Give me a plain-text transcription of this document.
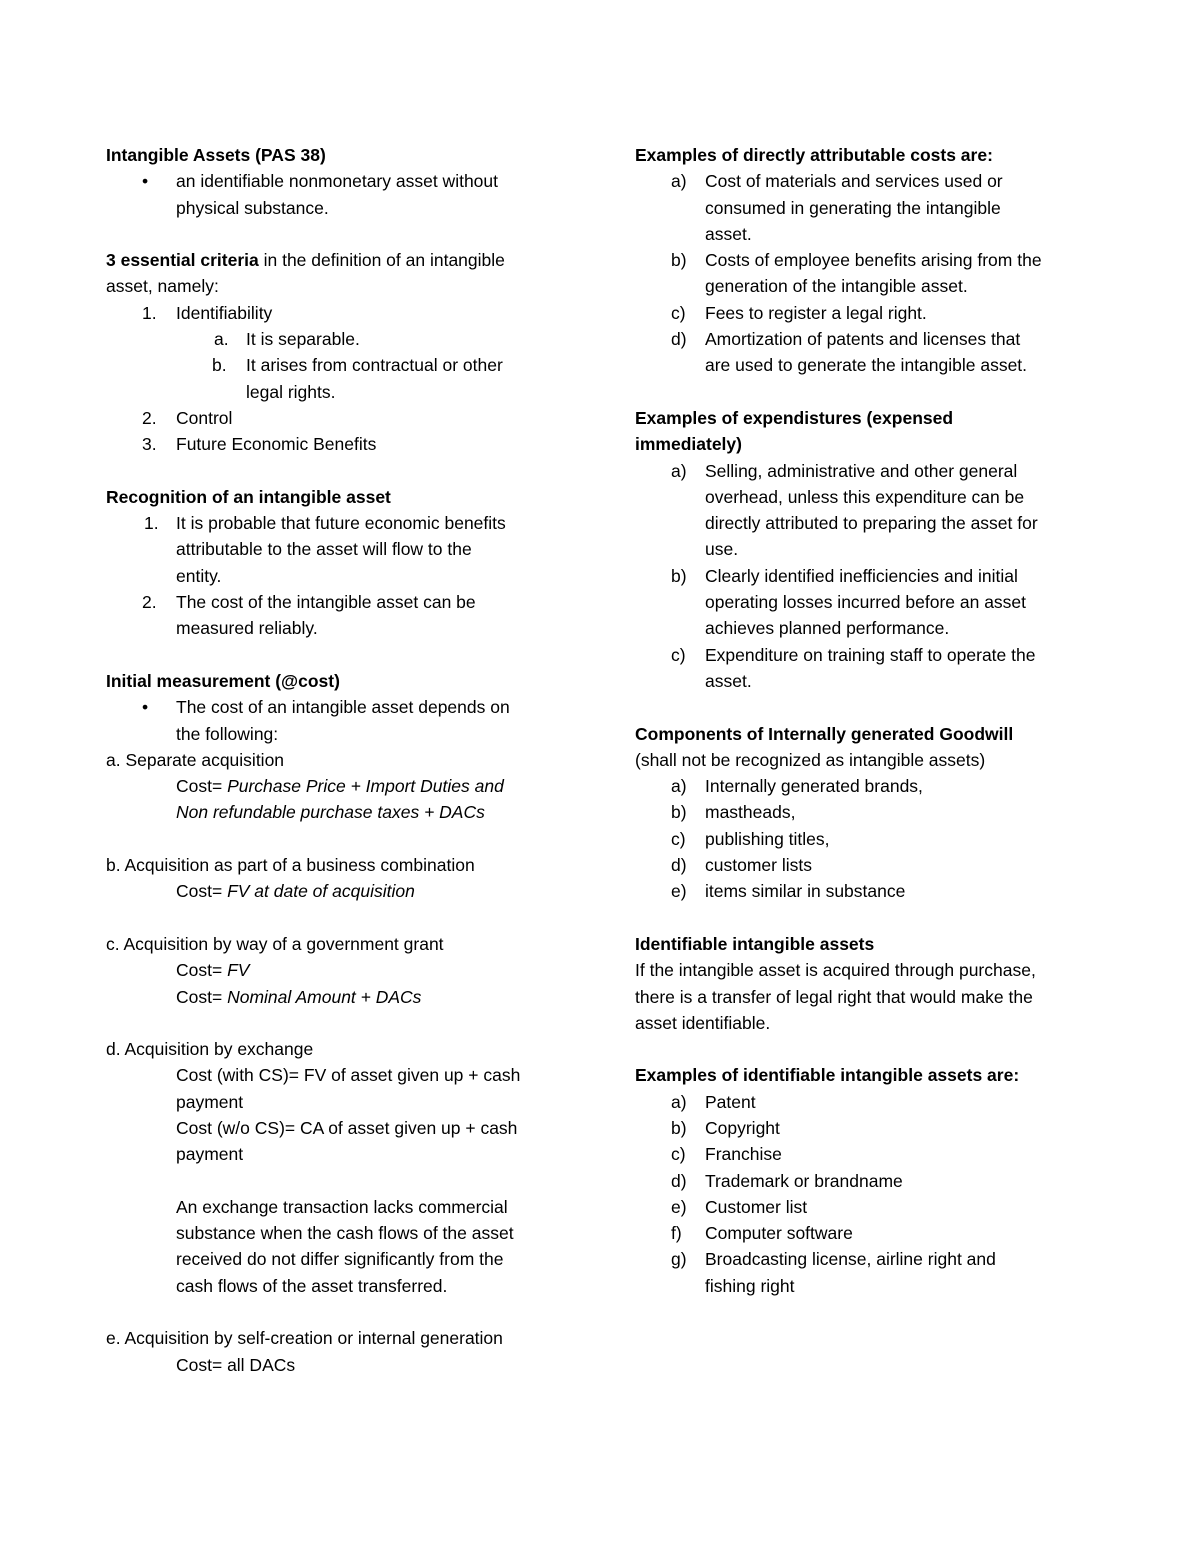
Intangible Assets (PAS 38)
• an identifiable nonmonetary asset without
physical substance.
3 essential criteria in the definition of an intangible
asset, namely:
1. Identifiability
a. It is separable.
b. It arises from contractual or other
legal rights.
2. Control
3. Future Economic Benefits
Recognition of an intangible asset
1. It is probable that future economic benefits
attributable to the asset will flow to the
entity.
2. The cost of the intangible asset can be
measured reliably.
Initial measurement (@cost)
• The cost of an intangible asset depends on
the following:
a. Separate acquisition
Cost= Purchase Price + Import Duties and
Non refundable purchase taxes + DACs
b. Acquisition as part of a business combination
Cost= FV at date of acquisition
c. Acquisition by way of a government grant
Cost= FV
Cost= Nominal Amount + DACs
d. Acquisition by exchange
Cost (with CS)= FV of asset given up + cash
payment
Cost (w/o CS)= CA of asset given up + cash
payment
An exchange transaction lacks commercial
substance when the cash flows of the asset
received do not differ significantly from the
cash flows of the asset transferred.
e. Acquisition by self-creation or internal generation
Cost= all DACs
Examples of directly attributable costs are:
a) Cost of materials and services used or
consumed in generating the intangible
asset.
b) Costs of employee benefits arising from the
generation of the intangible asset.
c) Fees to register a legal right.
d) Amortization of patents and licenses that
are used to generate the intangible asset.
Examples of expendistures (expensed
immediately)
a) Selling, administrative and other general
overhead, unless this expenditure can be
directly attributed to preparing the asset for
use.
b) Clearly identified inefficiencies and initial
operating losses incurred before an asset
achieves planned performance.
c) Expenditure on training staff to operate the
asset.
Components of Internally generated Goodwill
(shall not be recognized as intangible assets)
a) Internally generated brands,
b) mastheads,
c) publishing titles,
d) customer lists
e) items similar in substance
Identifiable intangible assets
If the intangible asset is acquired through purchase,
there is a transfer of legal right that would make the
asset identifiable.
Examples of identifiable intangible assets are:
a) Patent
b) Copyright
c) Franchise
d) Trademark or brandname
e) Customer list
f) Computer software
g) Broadcasting license, airline right and
fishing right
